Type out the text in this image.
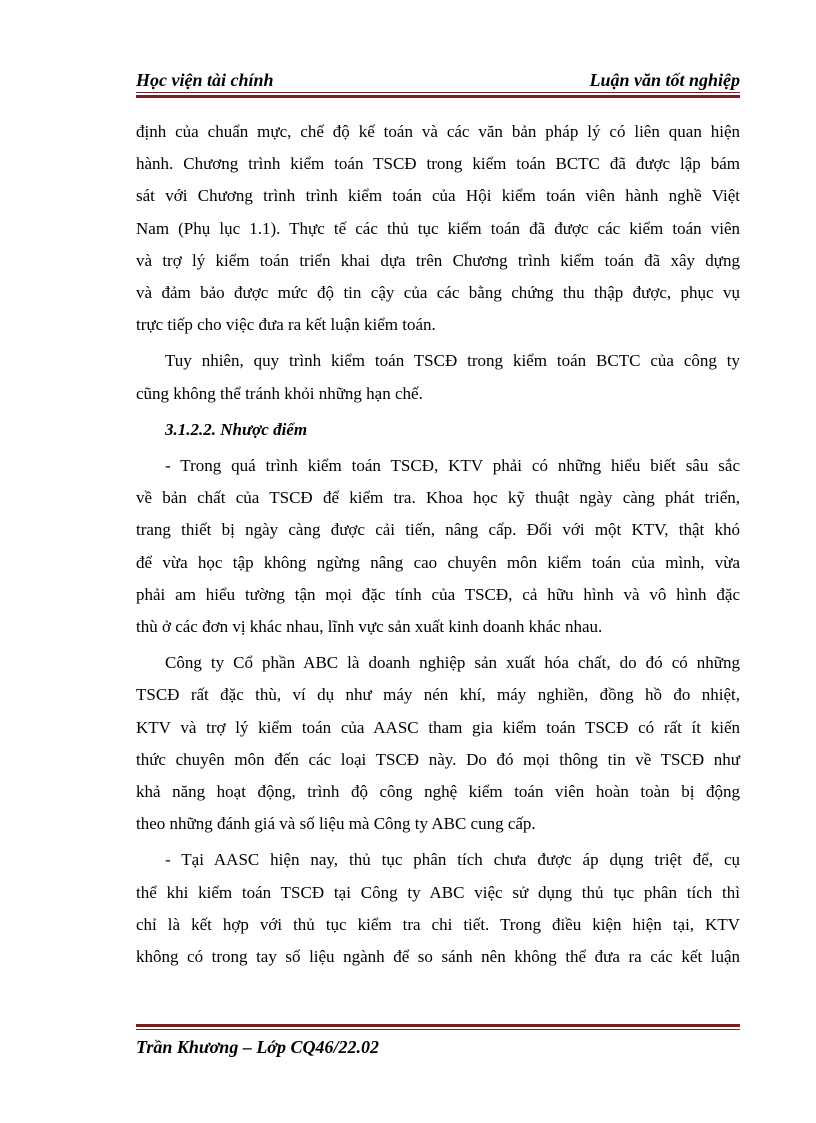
Học viện tài chính	Luận văn tốt nghiệp
định của chuẩn mực, chế độ kế toán và các văn bản pháp lý có liên quan hiện
hành. Chương trình kiểm toán TSCĐ trong kiểm toán BCTC đã được lập bám
sát với Chương trình trình kiểm toán của Hội kiểm toán viên hành nghề Việt
Nam (Phụ lục 1.1). Thực tế các thủ tục kiểm toán đã được các kiểm toán viên
và trợ lý kiểm toán triển khai dựa trên Chương trình kiểm toán đã xây dựng
và đảm bảo được mức độ tin cậy của các bằng chứng thu thập được, phục vụ
trực tiếp cho việc đưa ra kết luận kiểm toán.
Tuy nhiên, quy trình kiểm toán TSCĐ trong kiểm toán BCTC của công ty
cũng không thể tránh khỏi những hạn chế.
3.1.2.2. Nhược điểm
- Trong quá trình kiểm toán TSCĐ, KTV phải có những hiểu biết sâu sắc
về bản chất của TSCĐ để kiểm tra. Khoa học kỹ thuật ngày càng phát triển,
trang thiết bị ngày càng được cải tiến, nâng cấp. Đối với một KTV, thật khó
để vừa học tập không ngừng nâng cao chuyên môn kiểm toán của mình, vừa
phải am hiểu tường tận mọi đặc tính của TSCĐ, cả hữu hình và vô hình đặc
thù ở các đơn vị khác nhau, lĩnh vực sản xuất kinh doanh khác nhau.
Công ty Cổ phần ABC là doanh nghiệp sản xuất hóa chất, do đó có những
TSCĐ rất đặc thù, ví dụ như máy nén khí, máy nghiền, đồng hồ đo nhiệt,
KTV và trợ lý kiểm toán của AASC tham gia kiểm toán TSCĐ có rất ít kiến
thức chuyên môn đến các loại TSCĐ này. Do đó mọi thông tin về TSCĐ như
khả năng hoạt động, trình độ công nghệ kiểm toán viên hoàn toàn bị động
theo những đánh giá và số liệu mà Công ty ABC cung cấp.
- Tại AASC hiện nay, thủ tục phân tích chưa được áp dụng triệt để, cụ
thể khi kiểm toán TSCĐ tại Công ty ABC việc sử dụng thủ tục phân tích thì
chỉ là kết hợp với thủ tục kiểm tra chi tiết. Trong điều kiện hiện tại, KTV
không có trong tay số liệu ngành để so sánh nên không thể đưa ra các kết luận
Trần Khương – Lớp CQ46/22.02
